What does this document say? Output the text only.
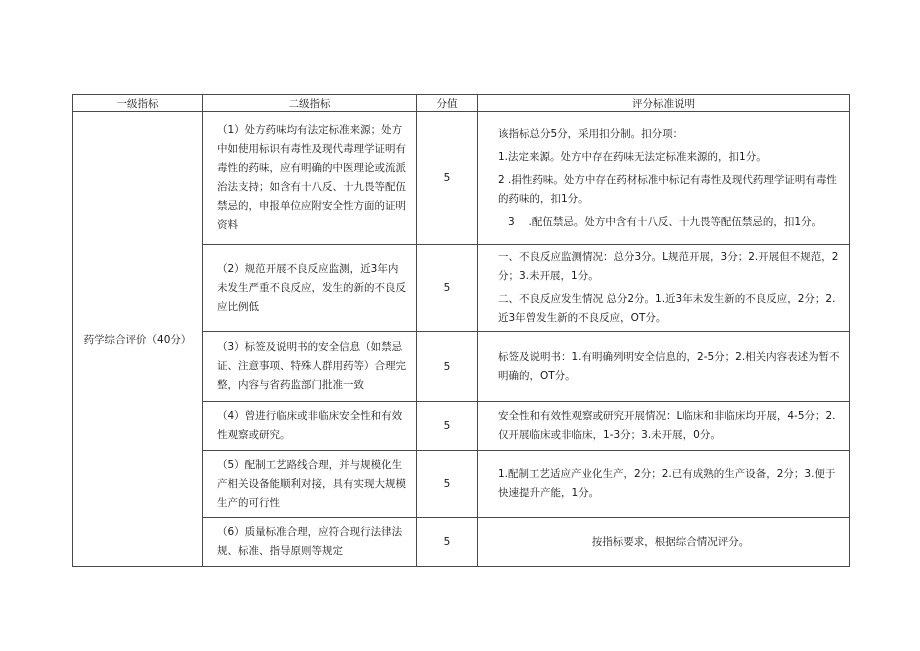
一级指标	二级指标	分值	评分标准说明
药学综合评价（40分）	（1）处方药味均有法定标准来源；处方中如使用标识有毒性及现代毒理学证明有毒性的药味，应有明确的中医理论或流派治法支持；如含有十八反、十九畏等配伍禁忌的，申报单位应附安全性方面的证明资料	5	该指标总分5分，采用扣分制。扣分项：

1.法定来源。处方中存在药味无法定标准来源的，扣1分。

2 .捐性药味。处方中存在药材标准中标记有毒性及现代药理学证明有毒性的药味的，扣1分。

3　 .配伍禁忌。处方中含有十八反、十九畏等配伍禁忌的，扣1分。

	（2）规范开展不良反应监测，近3年内未发生严重不良反应，发生的新的不良反应比例低	5	一、不良反应监测情况：总分3分。L规范开展，3分；2.开展但不规范，2分；3.未开展，1分。

二、不良反应发生情况 总分2分。1.近3年未发生新的不良反应，2分；2.近3年曾发生新的不良反应，OT分。

	（3）标签及说明书的安全信息（如禁忌证、注意事项、特殊人群用药等）合理完整，内容与省药监部门批准一致	5	标签及说明书：1.有明确列明安全信息的，2-5分；2.相关内容表述为暂不明确的，OT分。

	（4）曾进行临床或非临床安全性和有效性观察或研究。	5	安全性和有效性观察或研究开展情况：L临床和非临床均开展，4-5分；2.仅开展临床或非临床，1-3分；3.未开展，0分。

	（5）配制工艺路线合理，并与规模化生产相关设备能顺利对接，具有实现大规模生产的可行性	5	1.配制工艺适应产业化生产，2分；2.已有成熟的生产设备，2分；3.便于快速提升产能，1分。

	（6）质量标准合理，应符合现行法律法规、标准、指导原则等规定	5	按指标要求，根据综合情况评分。
